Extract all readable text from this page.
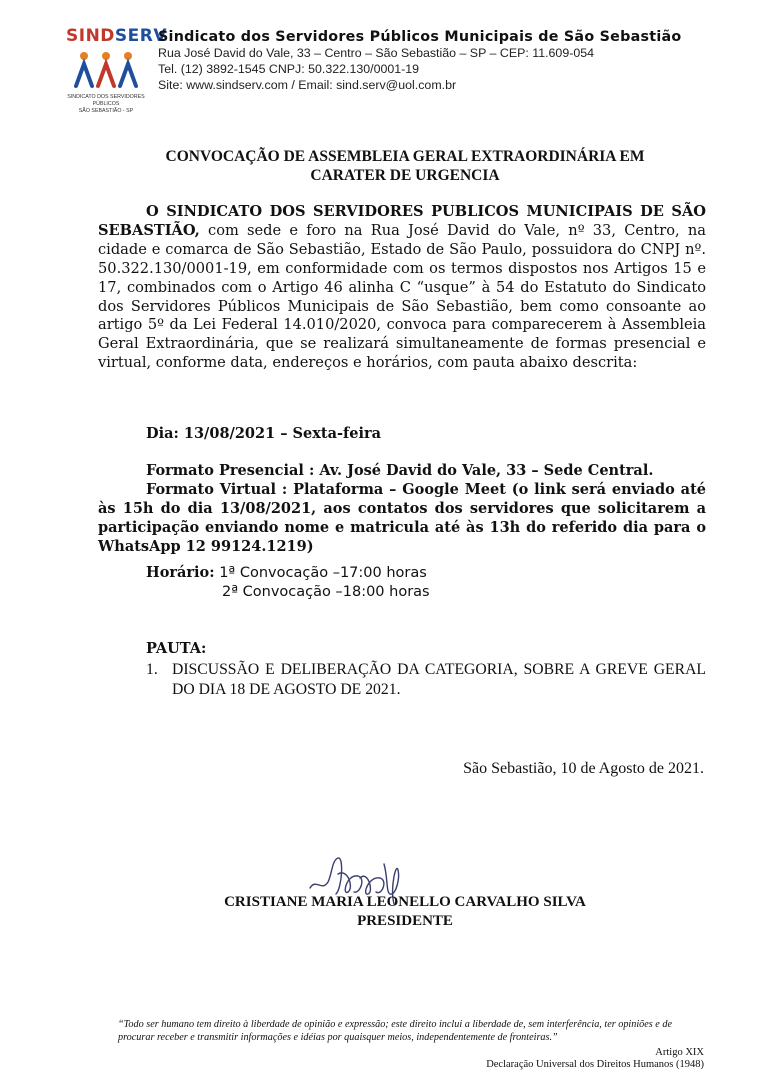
SINDSERV
SINDICATO DOS SERVIDORES PÚBLICOS
SÃO SEBASTIÃO - SP
Sindicato dos Servidores Públicos Municipais de São Sebastião
Rua José David do Vale, 33 – Centro – São Sebastião – SP – CEP: 11.609-054
Tel. (12) 3892-1545 CNPJ: 50.322.130/0001-19
Site: www.sindserv.com / Email: sind.serv@uol.com.br
CONVOCAÇÃO DE ASSEMBLEIA GERAL EXTRAORDINÁRIA EM
CARATER DE URGENCIA

O SINDICATO DOS SERVIDORES PUBLICOS MUNICIPAIS DE SÃO SEBASTIÃO, com sede e foro na Rua José David do Vale, nº 33, Centro, na cidade e comarca de São Sebastião, Estado de São Paulo, possuidora do CNPJ nº. 50.322.130/0001-19, em conformidade com os termos dispostos nos Artigos 15 e 17, combinados com o Artigo 46 alinha C “usque” à 54 do Estatuto do Sindicato dos Servidores Públicos Municipais de São Sebastião, bem como consoante ao artigo 5º da Lei Federal 14.010/2020, convoca para comparecerem à Assembleia Geral Extraordinária, que se realizará simultaneamente de formas presencial e virtual, conforme data, endereços e horários, com pauta abaixo descrita:

Dia: 13/08/2021 – Sexta-feira
Formato Presencial : Av. José David do Vale, 33 – Sede Central.

Formato Virtual : Plataforma – Google Meet (o link será enviado até às 15h do dia 13/08/2021, aos contatos dos servidores que solicitarem a participação enviando nome e matricula até às 13h do referido dia para o WhatsApp 12 99124.1219)

Horário: 1ª Convocação –17:00 horas
2ª Convocação –18:00 horas
PAUTA:
1. DISCUSSÃO E DELIBERAÇÃO DA CATEGORIA, SOBRE A GREVE GERAL DO DIA 18 DE AGOSTO DE 2021.
São Sebastião, 10 de Agosto de 2021.
CRISTIANE MARIA LEONELLO CARVALHO SILVA
PRESIDENTE

“Todo ser humano tem direito à liberdade de opinião e expressão; este direito inclui a liberdade de, sem interferência, ter opiniões e de procurar receber e transmitir informações e idéias por quaisquer meios, independentemente de fronteiras.”

Artigo XIX
Declaração Universal dos Direitos Humanos (1948)
